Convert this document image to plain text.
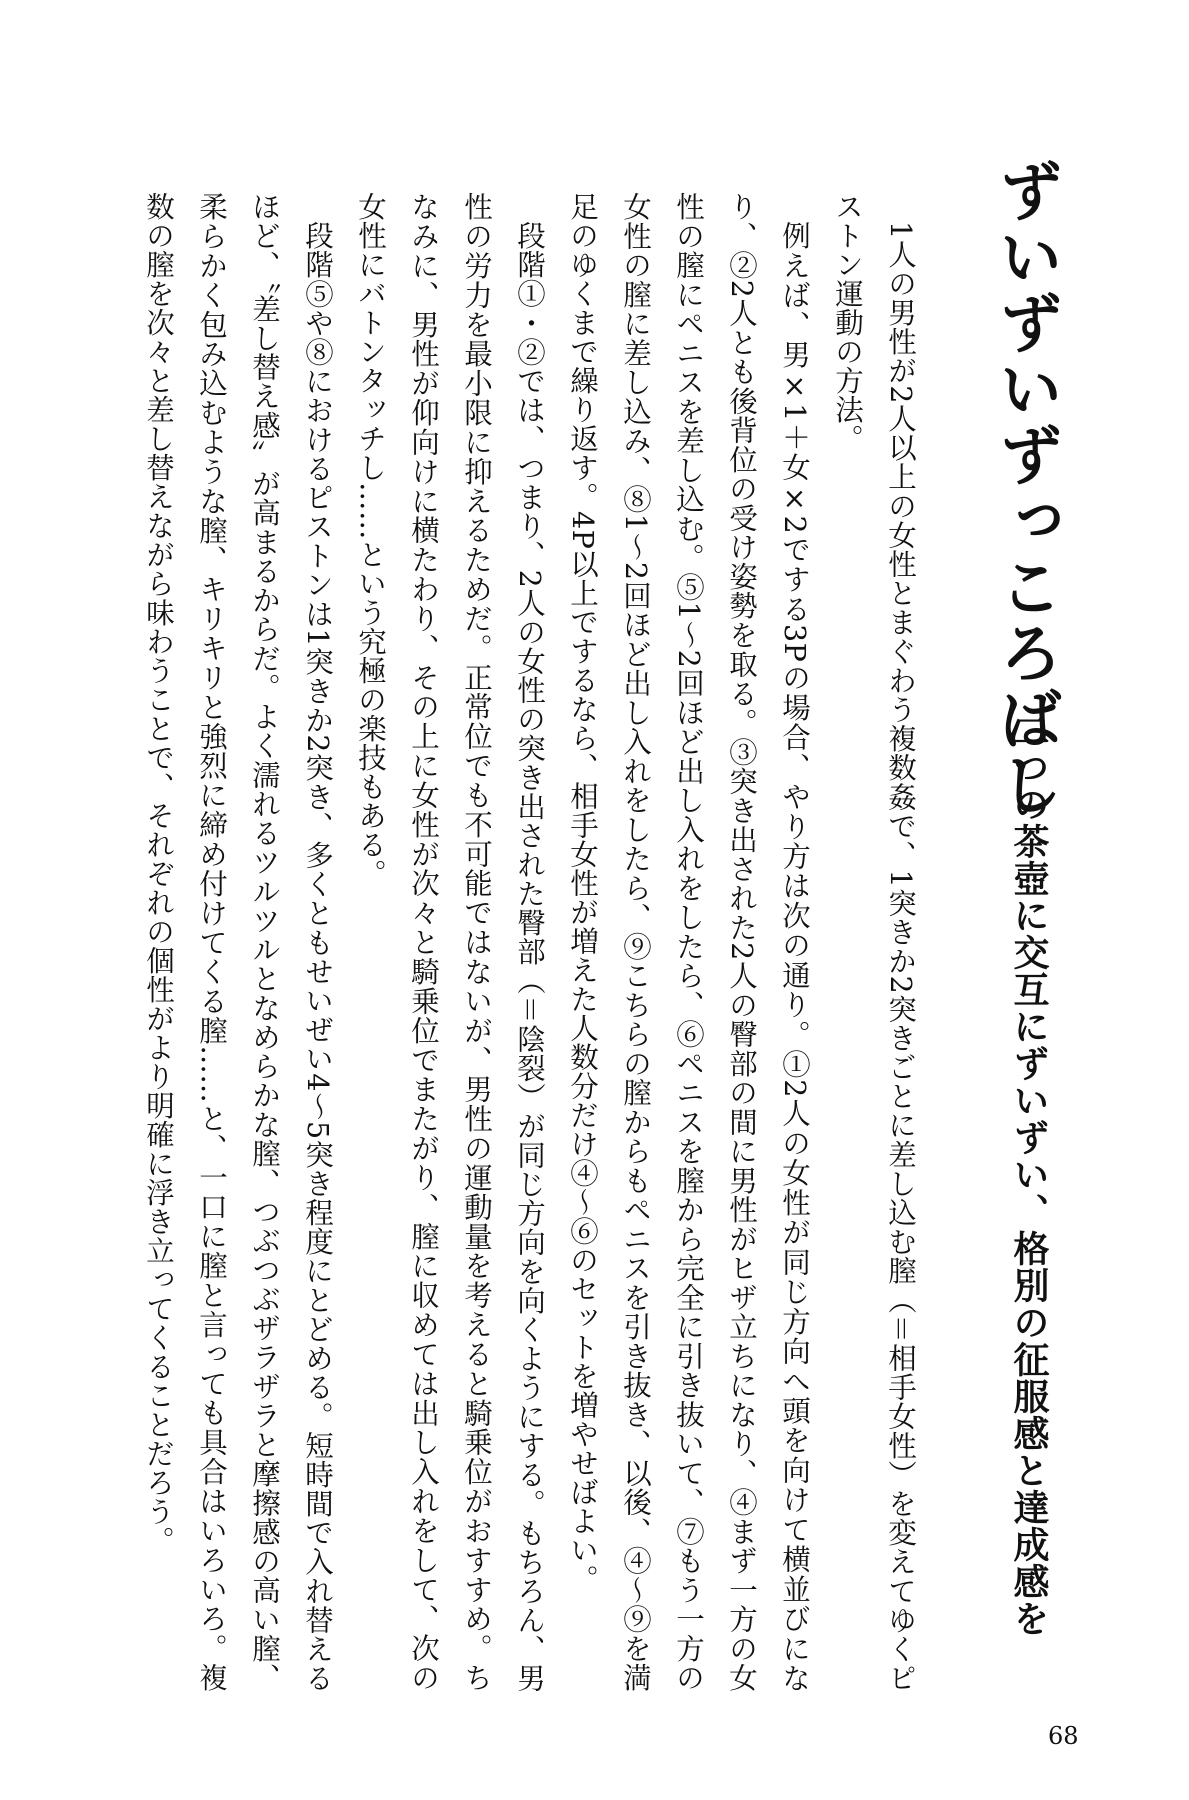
ずいずいずっころばし
二つの茶壺に交互にずいずい、格別の征服感と達成感を

1人の男性が2人以上の女性とまぐわう複数姦で、1突きか2突きごとに差し込む膣（＝相手女性）を変えてゆくピストン運動の方法。

例えば、男×1＋女×2でする3Pの場合、やり方は次の通り。①2人の女性が同じ方向へ頭を向けて横並びになり、②2人とも後背位の受け姿勢を取る。③突き出された2人の臀部の間に男性がヒザ立ちになり、④まず一方の女性の膣にペニスを差し込む。⑤1～2回ほど出し入れをしたら、⑥ペニスを膣から完全に引き抜いて、⑦もう一方の女性の膣に差し込み、⑧1～2回ほど出し入れをしたら、⑨こちらの膣からもペニスを引き抜き、以後、④～⑨を満足のゆくまで繰り返す。4P以上でするなら、相手女性が増えた人数分だけ④～⑥のセットを増やせばよい。

段階①・②では、つまり、2人の女性の突き出された臀部（＝陰裂）が同じ方向を向くようにする。もちろん、男性の労力を最小限に抑えるためだ。正常位でも不可能ではないが、男性の運動量を考えると騎乗位がおすすめ。ちなみに、男性が仰向けに横たわり、その上に女性が次々と騎乗位でまたがり、膣に収めては出し入れをして、次の女性にバトンタッチし……という究極の楽技もある。

段階⑤や⑧におけるピストンは1突きか2突き、多くともせいぜい4～5突き程度にとどめる。短時間で入れ替えるほど、〝差し替え感〟が高まるからだ。よく濡れるツルツルとなめらかな膣、つぶつぶザラザラと摩擦感の高い膣、柔らかく包み込むような膣、キリキリと強烈に締め付けてくる膣……と、一口に膣と言っても具合はいろいろ。複数の膣を次々と差し替えながら味わうことで、それぞれの個性がより明確に浮き立ってくることだろう。

68
